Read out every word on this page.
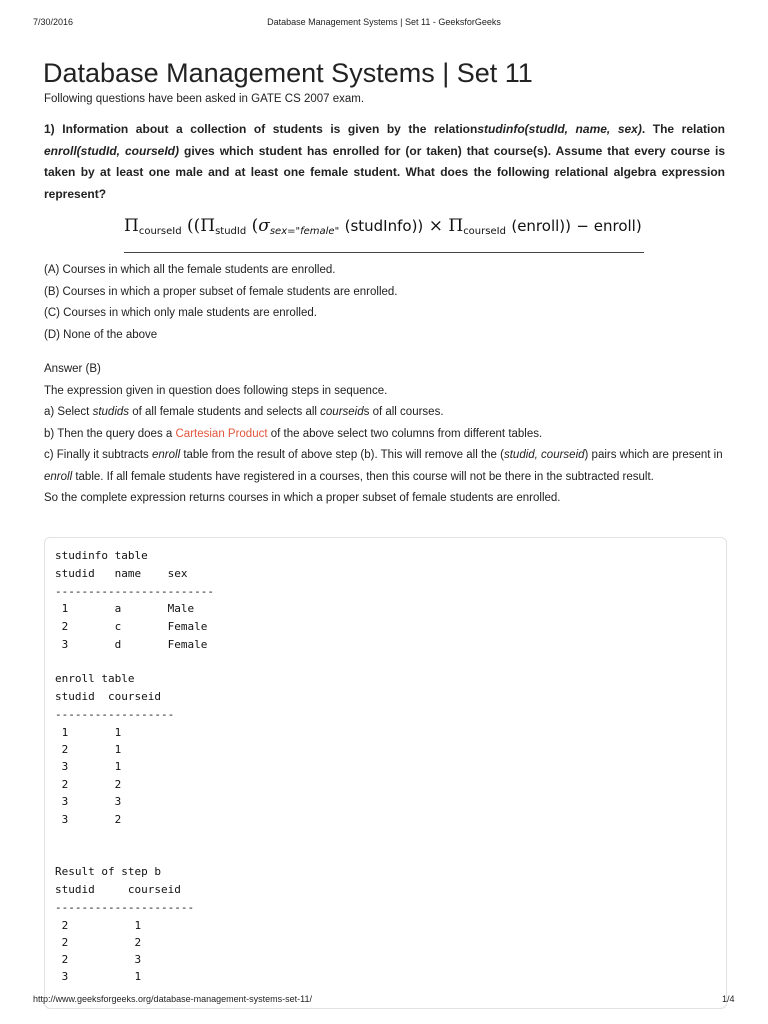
7/30/2016	Database Management Systems | Set 11 - GeeksforGeeks
Database Management Systems | Set 11
Following questions have been asked in GATE CS 2007 exam.

1) Information about a collection of students is given by the relationstudinfo(studId, name, sex). The relation enroll(studId, courseId) gives which student has enrolled for (or taken) that course(s). Assume that every course is taken by at least one male and at least one female student. What does the following relational algebra expression represent?

$\Pi_{courseId}$ (($\Pi_{studId}$ ($\sigma_{sex="female"}$ (studInfo)) × $\Pi_{courseId}$ (enroll)) − enroll)
(A) Courses in which all the female students are enrolled.
(B) Courses in which a proper subset of female students are enrolled.
(C) Courses in which only male students are enrolled.
(D) None of the above

Answer (B)

The expression given in question does following steps in sequence.

a) Select studids of all female students and selects all courseids of all courses.

b) Then the query does a Cartesian Product of the above select two columns from different tables.

c) Finally it subtracts enroll table from the result of above step (b). This will remove all the (studid, courseid) pairs which are present in enroll table. If all female students have registered in a courses, then this course will not be there in the subtracted result.

So the complete expression returns courses in which a proper subset of female students are enrolled.

studinfo table
studid   name    sex
------------------------
1       a       Male
2       c       Female
3       d       Female
enroll table
studid  courseid
------------------
1       1
2       1
3       1
2       2
3       3
3       2
Result of step b
studid     courseid
---------------------
2          1
2          2
2          3
3          1
http://www.geeksforgeeks.org/database-management-systems-set-11/	1/4
